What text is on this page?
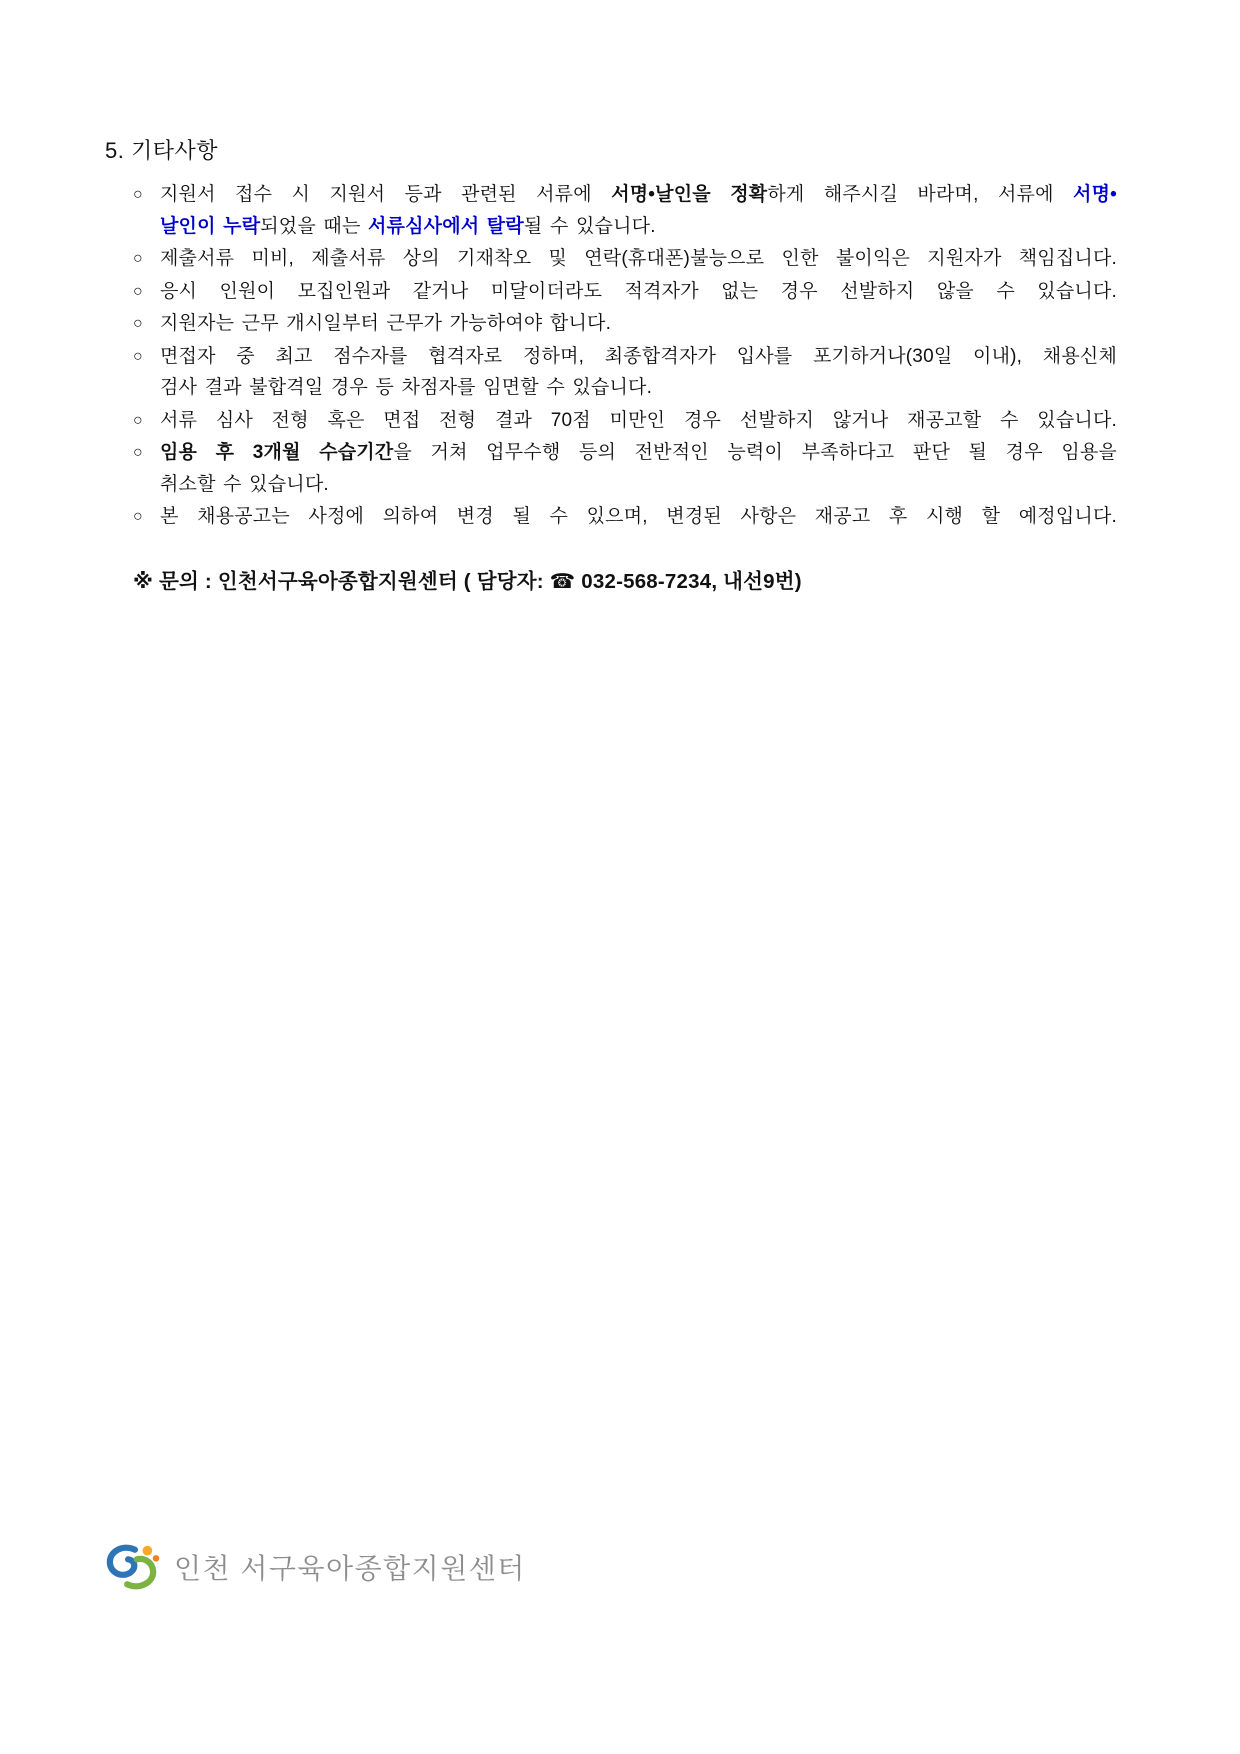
5. 기타사항
○ 지원서 접수 시 지원서 등과 관련된 서류에 서명•날인을 정확하게 해주시길 바라며, 서류에 서명•
날인이 누락되었을 때는 서류심사에서 탈락될 수 있습니다.
○ 제출서류 미비, 제출서류 상의 기재착오 및 연락(휴대폰)불능으로 인한 불이익은 지원자가 책임집니다.
○ 응시 인원이 모집인원과 같거나 미달이더라도 적격자가 없는 경우 선발하지 않을 수 있습니다.
○ 지원자는 근무 개시일부터 근무가 가능하여야 합니다.
○ 면접자 중 최고 점수자를 협격자로 정하며, 최종합격자가 입사를 포기하거나(30일 이내), 채용신체
검사 결과 불합격일 경우 등 차점자를 임면할 수 있습니다.
○ 서류 심사 전형 혹은 면접 전형 결과 70점 미만인 경우 선발하지 않거나 재공고할 수 있습니다.
○ 임용 후 3개월 수습기간을 거쳐 업무수행 등의 전반적인 능력이 부족하다고 판단 될 경우 임용을
취소할 수 있습니다.
○ 본 채용공고는 사정에 의하여 변경 될 수 있으며, 변경된 사항은 재공고 후 시행 할 예정입니다.
※ 문의 : 인천서구육아종합지원센터 ( 담당자: ☎ 032-568-7234, 내선9번)
인천 서구육아종합지원센터
